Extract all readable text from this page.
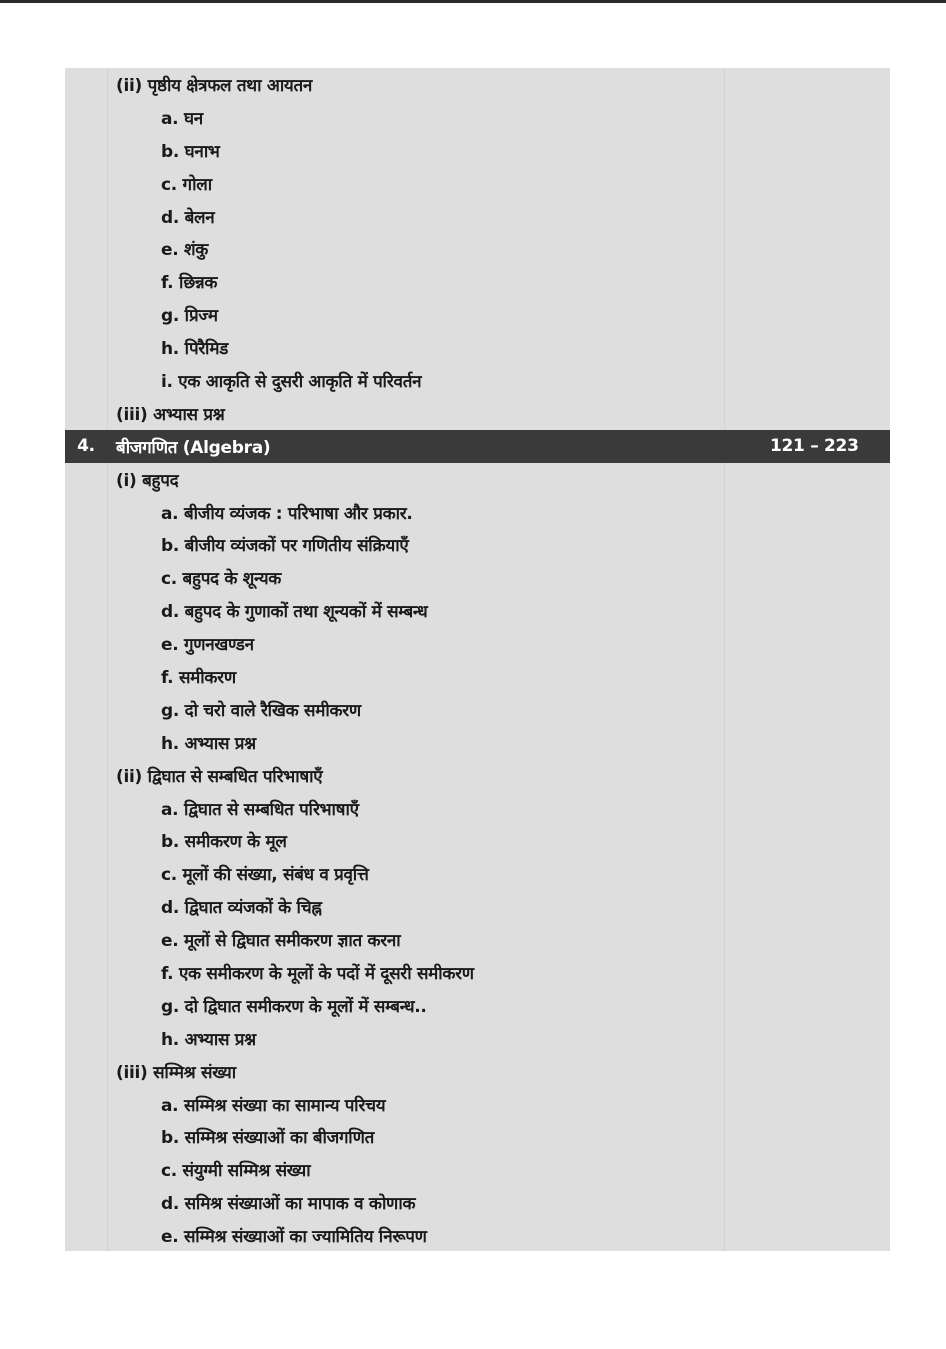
(ii) पृष्ठीय क्षेत्रफल तथा आयतन
a. घन
b. घनाभ
c. गोला
d. बेलन
e. शंकु
f. छिन्नक
g. प्रिज्म
h. पिरैमिड
i. एक आकृति से दुसरी आकृति में परिवर्तन
(iii) अभ्यास प्रश्न
4.	बीजगणित (Algebra)	121 – 223
(i) बहुपद
a. बीजीय व्यंजक : परिभाषा और प्रकार.
b. बीजीय व्यंजकों पर गणितीय संक्रियाएँ
c. बहुपद के शून्यक
d. बहुपद के गुणाकों तथा शून्यकों में सम्बन्ध
e. गुणनखण्डन
f. समीकरण
g. दो चरो वाले रैखिक समीकरण
h. अभ्यास प्रश्न
(ii) द्विघात से सम्बधित परिभाषाएँ
a. द्विघात से सम्बधित परिभाषाएँ
b. समीकरण के मूल
c. मूलों की संख्या, संबंध व प्रवृत्ति
d. द्विघात व्यंजकों के चिह्न
e. मूलों से द्विघात समीकरण ज्ञात करना
f. एक समीकरण के मूलों के पदों में दूसरी समीकरण
g. दो द्विघात समीकरण के मूलों में सम्बन्ध..
h. अभ्यास प्रश्न
(iii) सम्मिश्र संख्या
a. सम्मिश्र संख्या का सामान्य परिचय
b. सम्मिश्र संख्याओं का बीजगणित
c. संयुग्मी सम्मिश्र संख्या
d. समिश्र संख्याओं का मापाक व कोणाक
e. सम्मिश्र संख्याओं का ज्यामितिय निरूपण
